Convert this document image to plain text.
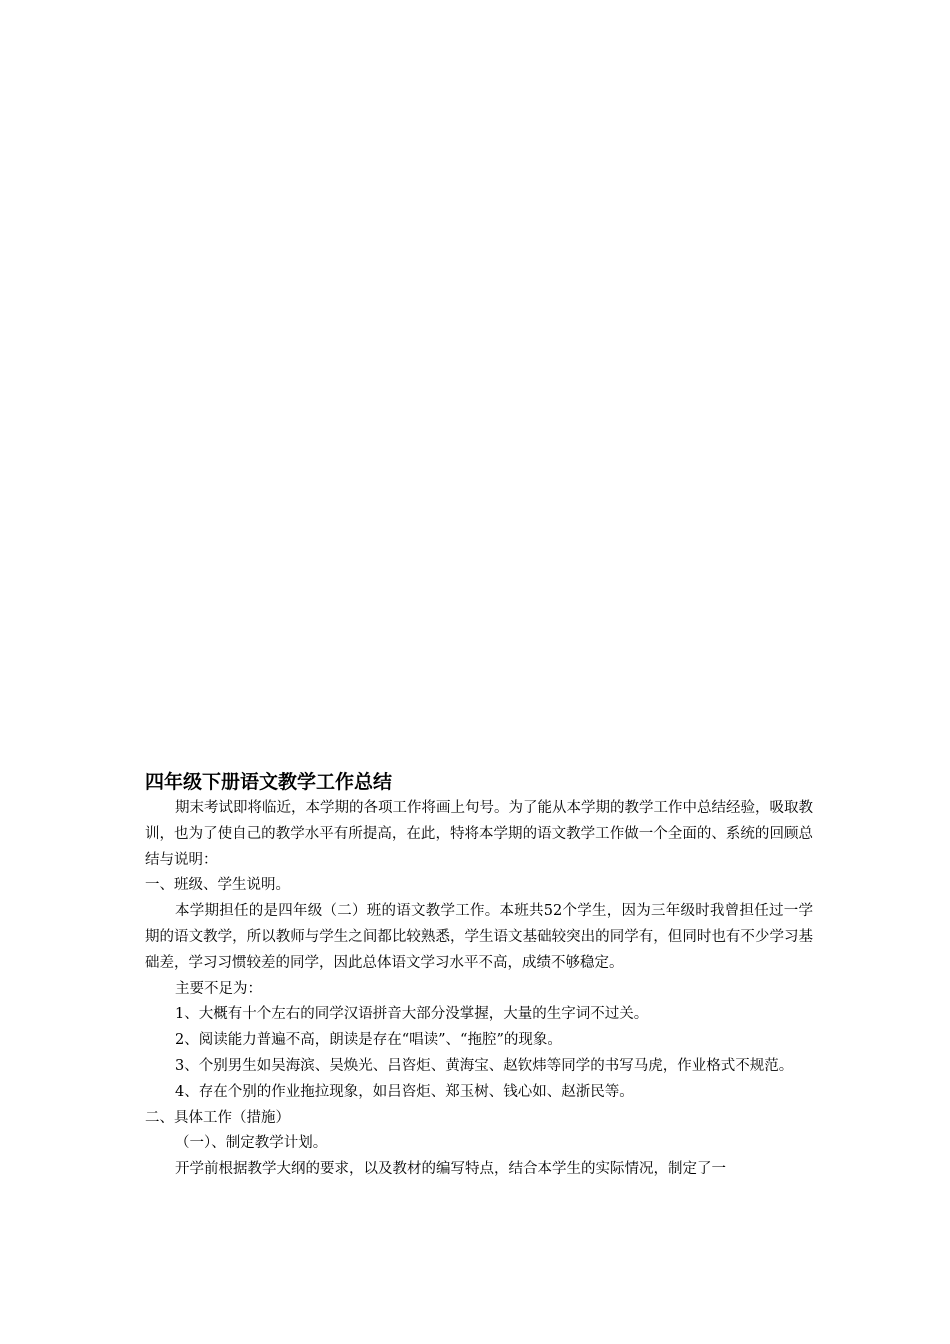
四年级下册语文教学工作总结

期末考试即将临近，本学期的各项工作将画上句号。为了能从本学期的教学工作中总结经验，吸取教训，也为了使自己的教学水平有所提高，在此，特将本学期的语文教学工作做一个全面的、系统的回顾总结与说明：

一、班级、学生说明。

本学期担任的是四年级（二）班的语文教学工作。本班共52个学生，因为三年级时我曾担任过一学期的语文教学，所以教师与学生之间都比较熟悉，学生语文基础较突出的同学有，但同时也有不少学习基础差，学习习惯较差的同学，因此总体语文学习水平不高，成绩不够稳定。

主要不足为：

1、大概有十个左右的同学汉语拼音大部分没掌握，大量的生字词不过关。

2、阅读能力普遍不高，朗读是存在“唱读”、“拖腔”的现象。

3、个别男生如吴海滨、吴焕光、吕咨炬、黄海宝、赵钦炜等同学的书写马虎，作业格式不规范。

4、存在个别的作业拖拉现象，如吕咨炬、郑玉树、钱心如、赵浙民等。

二、具体工作（措施）

（一）、制定教学计划。

开学前根据教学大纲的要求，以及教材的编写特点，结合本学生的实际情况，制定了一
